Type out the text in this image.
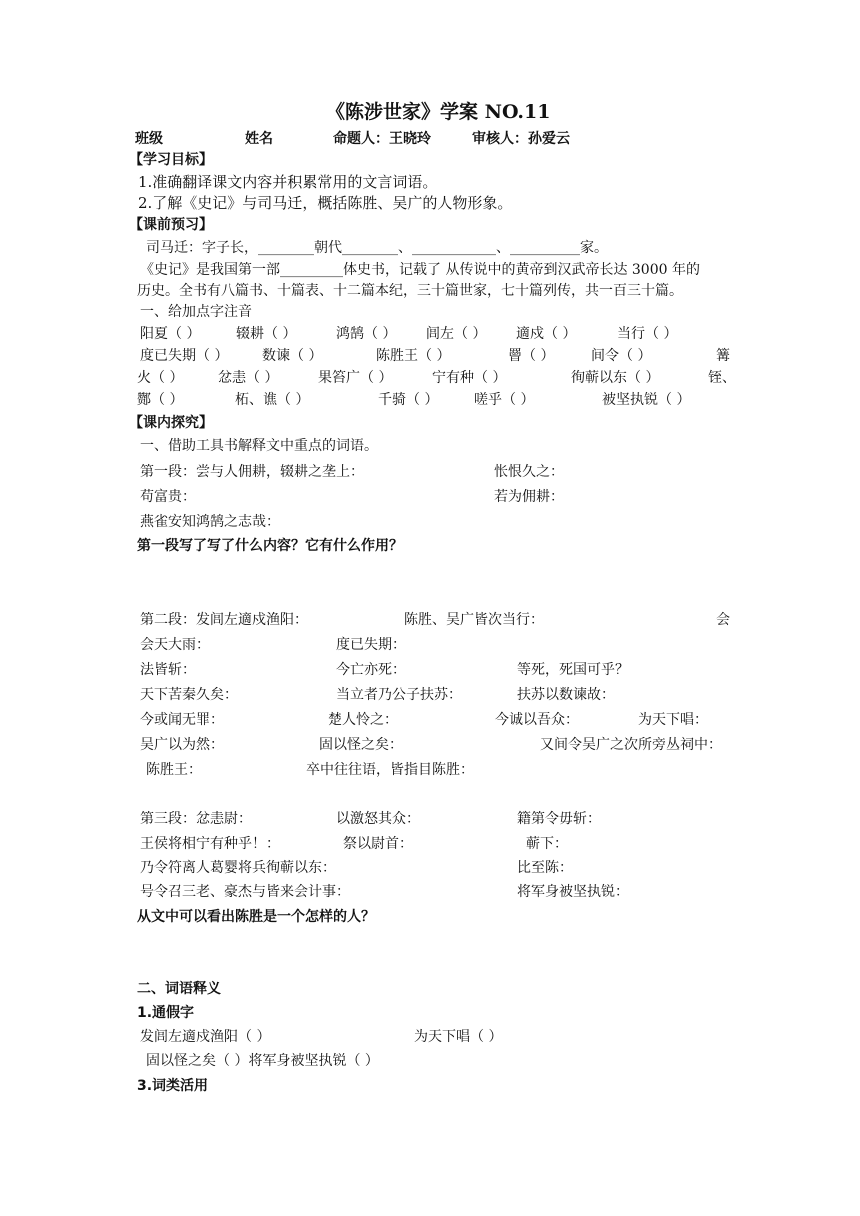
《陈涉世家》学案 NO.11
班级	姓名	命题人：王晓玲	审核人：孙爱云
【学习目标】
1.准确翻译课文内容并积累常用的文言词语。
2.了解《史记》与司马迁，概括陈胜、吴广的人物形象。
【课前预习】
司马迁：字子长，________朝代________、____________、__________家。
《史记》是我国第一部_________体史书，记载了 从传说中的黄帝到汉武帝长达 3000 年的
历史。全书有八篇书、十篇表、十二篇本纪，三十篇世家，七十篇列传，共一百三十篇。
一、给加点字注音
阳夏（ ）	辍耕（ ）	鸿鹄（ ） 闾左（ ） 適戍（ ）	当行（ ）
度已失期（ ） 数谏（ ）	陈胜王（ ）	罾（ ）	间令（ ）	篝
火（ ） 忿恚（ ）	果笞广（ ）	宁有种（ ）	徇蕲以东（ ）	铚、
酂（ ）	柘、谯（ ）	千骑（ ）	嗟乎（ ）	被坚执锐（ ）
【课内探究】
一、借助工具书解释文中重点的词语。
第一段：尝与人佣耕，辍耕之垄上：	怅恨久之：
苟富贵：	若为佣耕：
燕雀安知鸿鹄之志哉：
第一段写了写了什么内容？它有什么作用？
第二段：发闾左適戍渔阳：	陈胜、吴广皆次当行：	会
会天大雨：	度已失期：
法皆斩：	今亡亦死：	等死，死国可乎？
天下苦秦久矣：	当立者乃公子扶苏：	扶苏以数谏故：
今或闻无罪：	楚人怜之：	今诚以吾众：	为天下唱：
吴广以为然：	固以怪之矣：	又间令吴广之次所旁丛祠中：
陈胜王：	卒中往往语，皆指目陈胜：
第三段：忿恚尉：	以激怒其众：	籍第令毋斩：
王侯将相宁有种乎！：	祭以尉首：	蕲下：
乃令符离人葛婴将兵徇蕲以东：	比至陈：
号令召三老、豪杰与皆来会计事：	将军身被坚执锐：
从文中可以看出陈胜是一个怎样的人？
二、词语释义
1.通假字
发闾左適戍渔阳（ ）	为天下唱（ ）
固以怪之矣（ ）将军身被坚执锐（ ）
3.词类活用
